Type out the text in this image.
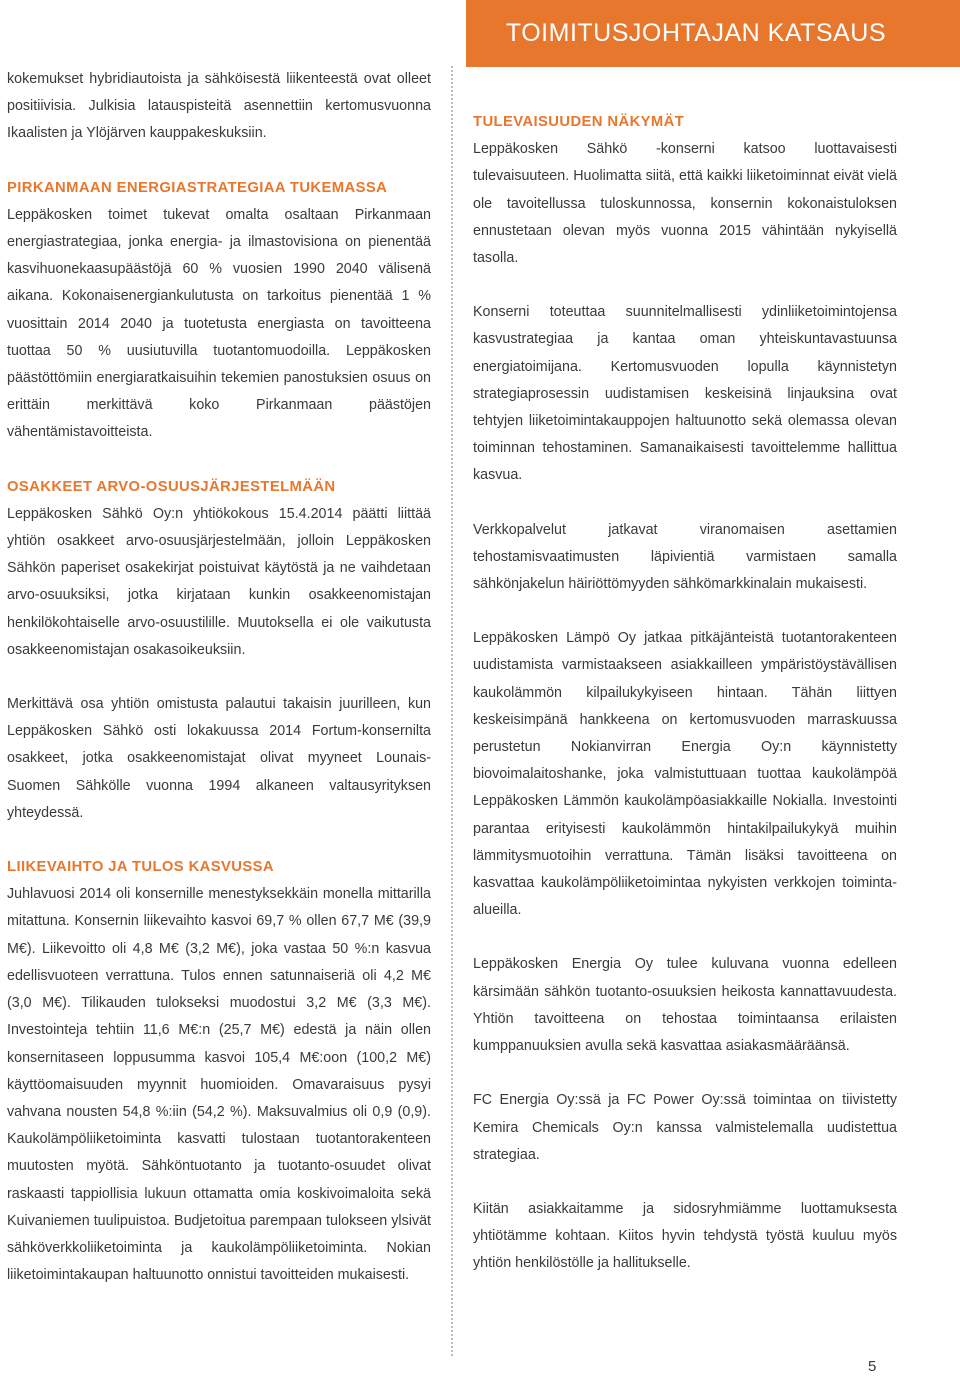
TOIMITUSJOHTAJAN KATSAUS

kokemukset hybridiautoista ja sähköisestä liikenteestä ovat olleet positiivisia. Julkisia latauspisteitä asennettiin kertomusvuonna Ikaalisten ja Ylöjärven kauppakeskuksiin.

PIRKANMAAN ENERGIASTRATEGIAA TUKEMASSA

Leppäkosken toimet tukevat omalta osaltaan Pirkanmaan energiastrategiaa, jonka energia- ja ilmastovisiona on pienentää kasvihuonekaasupäästöjä 60 % vuosien 1990 2040 välisenä aikana. Kokonaisenergiankulutusta on tarkoitus pienentää 1 % vuosittain 2014 2040 ja tuotetusta energiasta on tavoitteena tuottaa 50 % uusiutuvilla tuotantomuodoilla. Leppäkosken päästöttömiin energiaratkaisuihin tekemien panostuksien osuus on erittäin merkittävä koko Pirkanmaan päästöjen vähentämistavoitteista.

OSAKKEET ARVO-OSUUSJÄRJESTELMÄÄN

Leppäkosken Sähkö Oy:n yhtiökokous 15.4.2014 päätti liittää yhtiön osakkeet arvo-osuusjärjestelmään, jolloin Leppäkosken Sähkön paperiset osakekirjat poistuivat käytöstä ja ne vaihdetaan arvo-osuuksiksi, jotka kirjataan kunkin osakkeenomistajan henkilökohtaiselle arvo-osuustilille. Muutoksella ei ole vaikutusta osakkeenomistajan osakasoikeuksiin.

Merkittävä osa yhtiön omistusta palautui takaisin juurilleen, kun Leppäkosken Sähkö osti lokakuussa 2014 Fortum-konsernilta osakkeet, jotka osakkeenomistajat olivat myyneet Lounais-Suomen Sähkölle vuonna 1994 alkaneen valtausyrityksen yhteydessä.

LIIKEVAIHTO JA TULOS KASVUSSA

Juhlavuosi 2014 oli konsernille menestyksekkäin monella mittarilla mitattuna. Konsernin liikevaihto kasvoi 69,7 % ollen 67,7 M€ (39,9 M€). Liikevoitto oli 4,8 M€ (3,2 M€), joka vastaa 50 %:n kasvua edellisvuoteen verrattuna. Tulos ennen satunnaiseriä oli 4,2 M€ (3,0 M€). Tilikauden tulokseksi muodostui 3,2 M€ (3,3 M€). Investointeja tehtiin 11,6 M€:n (25,7 M€) edestä ja näin ollen konsernitaseen loppusumma kasvoi 105,4 M€:oon (100,2 M€) käyttöomaisuuden myynnit huomioiden. Omavaraisuus pysyi vahvana nousten 54,8 %:iin (54,2 %). Maksuvalmius oli 0,9 (0,9). Kaukolämpöliiketoiminta kasvatti tulostaan tuotantorakenteen muutosten myötä. Sähköntuotanto ja tuotanto-osuudet olivat raskaasti tappiollisia lukuun ottamatta omia koskivoimaloita sekä Kuivaniemen tuulipuistoa. Budjetoitua parempaan tulokseen ylsivät sähköverkkoliiketoiminta ja kaukolämpöliiketoiminta. Nokian liiketoimintakaupan haltuunotto onnistui tavoitteiden mukaisesti.

TULEVAISUUDEN NÄKYMÄT

Leppäkosken Sähkö -konserni katsoo luottavaisesti tulevaisuuteen. Huolimatta siitä, että kaikki liiketoiminnat eivät vielä ole tavoitellussa tuloskunnossa, konsernin kokonaistuloksen ennustetaan olevan myös vuonna 2015 vähintään nykyisellä tasolla.

Konserni toteuttaa suunnitelmallisesti ydinliiketoimintojensa kasvustrategiaa ja kantaa oman yhteiskuntavastuunsa energiatoimijana. Kertomusvuoden lopulla käynnistetyn strategiaprosessin uudistamisen keskeisinä linjauksina ovat tehtyjen liiketoimintakauppojen haltuunotto sekä olemassa olevan toiminnan tehostaminen. Samanaikaisesti tavoittelemme hallittua kasvua.

Verkkopalvelut jatkavat viranomaisen asettamien tehostamisvaatimusten läpivientiä varmistaen samalla sähkönjakelun häiriöttömyyden sähkömarkkinalain mukaisesti.

Leppäkosken Lämpö Oy jatkaa pitkäjänteistä tuotantorakenteen uudistamista varmistaakseen asiakkailleen ympäristöystävällisen kaukolämmön kilpailukykyiseen hintaan. Tähän liittyen keskeisimpänä hankkeena on kertomusvuoden marraskuussa perustetun Nokianvirran Energia Oy:n käynnistetty biovoimalaitoshanke, joka valmistuttuaan tuottaa kaukolämpöä Leppäkosken Lämmön kaukolämpöasiakkaille Nokialla. Investointi parantaa erityisesti kaukolämmön hintakilpailukykyä muihin lämmitysmuotoihin verrattuna. Tämän lisäksi tavoitteena on kasvattaa kaukolämpöliiketoimintaa nykyisten verkkojen toiminta-alueilla.

Leppäkosken Energia Oy tulee kuluvana vuonna edelleen kärsimään sähkön tuotanto-osuuksien heikosta kannattavuudesta. Yhtiön tavoitteena on tehostaa toimintaansa erilaisten kumppanuuksien avulla sekä kasvattaa asiakasmääräänsä.

FC Energia Oy:ssä ja FC Power Oy:ssä toimintaa on tiivistetty Kemira Chemicals Oy:n kanssa valmistelemalla uudistettua strategiaa.

Kiitän asiakkaitamme ja sidosryhmiämme luottamuksesta yhtiötämme kohtaan. Kiitos hyvin tehdystä työstä kuuluu myös yhtiön henkilöstölle ja hallitukselle.

5
